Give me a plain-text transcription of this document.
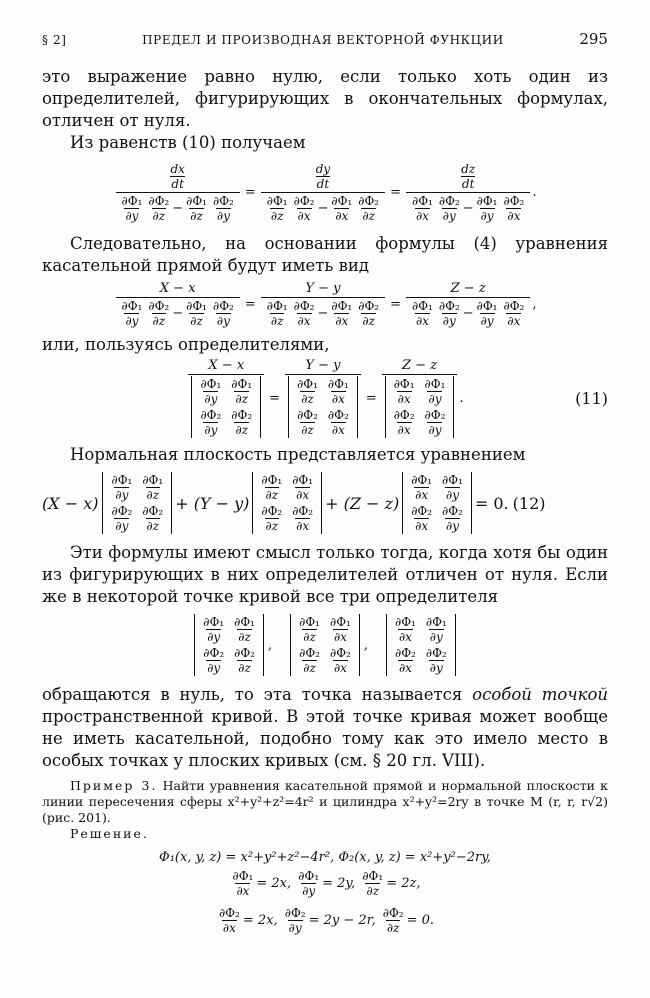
§ 2]	ПРЕДЕЛ И ПРОИЗВОДНАЯ ВЕКТОРНОЙ ФУНКЦИИ	295

это выражение равно нулю, если только хоть один из определителей, фигурирующих в окончательных формулах, отличен от нуля.

Из равенств (10) получаем

$\frac{\frac{dx}{dt}}{\frac{\text{∂Φ₁}}{\partial y} \frac{\text{∂Φ₂}}{\partial z} - \frac{\text{∂Φ₁}}{\partial z} \frac{\text{∂Φ₂}}{\partial y}} = \frac{\frac{dy}{dt}}{\frac{\text{∂Φ₁}}{\partial z} \frac{\text{∂Φ₂}}{\partial x} - \frac{\text{∂Φ₁}}{\partial x} \frac{\text{∂Φ₂}}{\partial z}} = \frac{\frac{dz}{dt}}{\frac{\text{∂Φ₁}}{\partial x} \frac{\text{∂Φ₂}}{\partial y} - \frac{\text{∂Φ₁}}{\partial y} \frac{\text{∂Φ₂}}{\partial x}}$ .

Следовательно, на основании формулы (4) уравнения касательной прямой будут иметь вид

$\frac{X - x}{\frac{\text{∂Φ₁}}{\partial y} \frac{\text{∂Φ₂}}{\partial z} - \frac{\text{∂Φ₁}}{\partial z} \frac{\text{∂Φ₂}}{\partial y}} = \frac{Y - y}{\frac{\text{∂Φ₁}}{\partial z} \frac{\text{∂Φ₂}}{\partial x} - \frac{\text{∂Φ₁}}{\partial x} \frac{\text{∂Φ₂}}{\partial z}} = \frac{Z - z}{\frac{\text{∂Φ₁}}{\partial x} \frac{\text{∂Φ₂}}{\partial y} - \frac{\text{∂Φ₁}}{\partial y} \frac{\text{∂Φ₂}}{\partial x}}$ ,

или, пользуясь определителями,

X − x
$\frac{\text{∂Φ₁}}{\partial y} \frac{\text{∂Φ₁}}{\partial z}$
$\frac{\text{∂Φ₂}}{\partial y} \frac{\text{∂Φ₂}}{\partial z} = Y - y$
$\frac{\text{∂Φ₁}}{\partial z} \frac{\text{∂Φ₁}}{\partial x}$
$\frac{\text{∂Φ₂}}{\partial z} \frac{\text{∂Φ₂}}{\partial x} = Z - z$
$\frac{\text{∂Φ₁}}{\partial x} \frac{\text{∂Φ₁}}{\partial y}$
$\frac{\text{∂Φ₂}}{\partial x} \frac{\text{∂Φ₂}}{\partial y}$ .	(11)

Нормальная плоскость представляется уравнением

(X − x)
$\frac{\text{∂Φ₁}}{\partial y} \frac{\text{∂Φ₁}}{\partial z}$
$\frac{\text{∂Φ₂}}{\partial y} \frac{\text{∂Φ₂}}{\partial z}$
+ (Y − y)
$\frac{\text{∂Φ₁}}{\partial z} \frac{\text{∂Φ₁}}{\partial x}$
$\frac{\text{∂Φ₂}}{\partial z} \frac{\text{∂Φ₂}}{\partial x}$
+ (Z − z)
$\frac{\text{∂Φ₁}}{\partial x} \frac{\text{∂Φ₁}}{\partial y}$
$\frac{\text{∂Φ₂}}{\partial x} \frac{\text{∂Φ₂}}{\partial y}$
= 0. (12)

Эти формулы имеют смысл только тогда, когда хотя бы один из фигурирующих в них определителей отличен от нуля. Если же в некоторой точке кривой все три определителя

$\frac{\text{∂Φ₁}}{\partial y} \frac{\text{∂Φ₁}}{\partial z}$
$\frac{\text{∂Φ₂}}{\partial y} \frac{\text{∂Φ₂}}{\partial z}$
,
$\frac{\text{∂Φ₁}}{\partial z} \frac{\text{∂Φ₁}}{\partial x}$
$\frac{\text{∂Φ₂}}{\partial z} \frac{\text{∂Φ₂}}{\partial x}$
,
$\frac{\text{∂Φ₁}}{\partial x} \frac{\text{∂Φ₁}}{\partial y}$
$\frac{\text{∂Φ₂}}{\partial x} \frac{\text{∂Φ₂}}{\partial y}$

обращаются в нуль, то эта точка называется особой точкой пространственной кривой. В этой точке кривая может вообще не иметь касательной, подобно тому как это имело место в особых точках у плоских кривых (см. § 20 гл. VIII).

Пример 3. Найти уравнения касательной прямой и нормальной плоскости к линии пересечения сферы x²+y²+z²=4r² и цилиндра x²+y²=2ry в точке M (r, r, r√2) (рис. 201).

Решение.

Φ₁(x, y, z) = x²+y²+z²−4r², Φ₂(x, y, z) = x²+y²−2ry,
$\frac{\text{∂Φ₁}}{\partial x} = 2x$,
$\frac{\text{∂Φ₁}}{\partial y} = 2y$,
$\frac{\text{∂Φ₁}}{\partial z} = 2z$,
$\frac{\text{∂Φ₂}}{\partial x} = 2x$,
$\frac{\text{∂Φ₂}}{\partial y} = 2y - 2r$,
$\frac{\text{∂Φ₂}}{\partial z} = 0$.
